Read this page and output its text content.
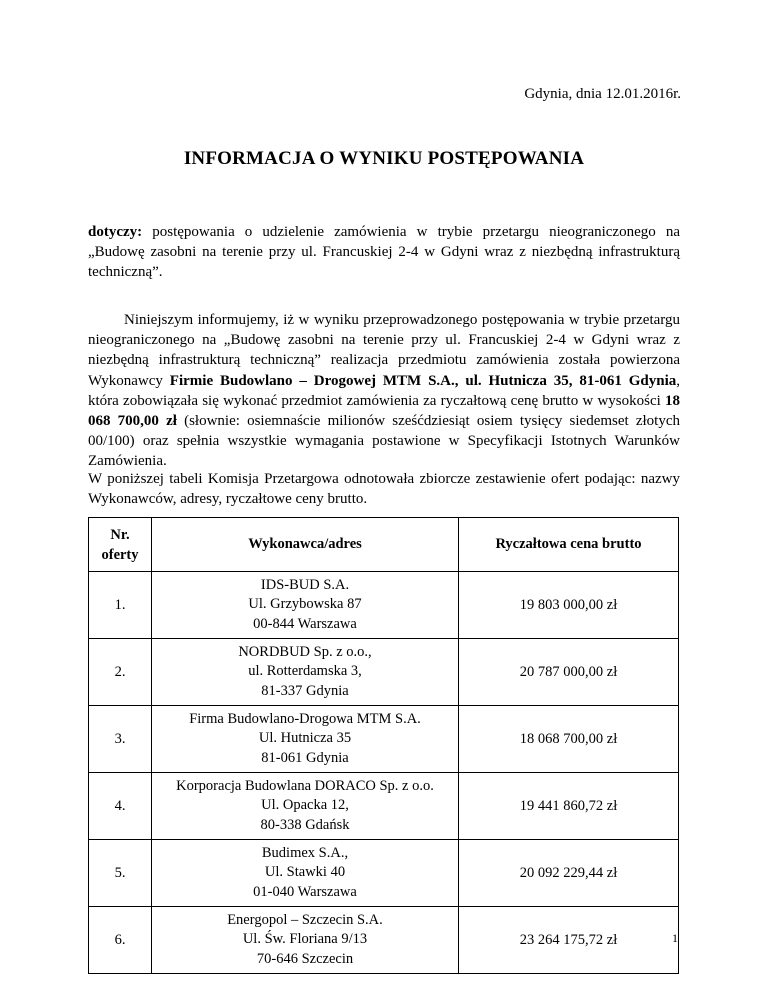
Gdynia, dnia 12.01.2016r.
INFORMACJA O WYNIKU POSTĘPOWANIA
dotyczy: postępowania o udzielenie zamówienia w trybie przetargu nieograniczonego na „Budowę zasobni na terenie przy ul. Francuskiej 2-4 w Gdyni wraz z niezbędną infrastrukturą techniczną”.
Niniejszym informujemy, iż w wyniku przeprowadzonego postępowania w trybie przetargu nieograniczonego na „Budowę zasobni na terenie przy ul. Francuskiej 2-4 w Gdyni wraz z niezbędną infrastrukturą techniczną” realizacja przedmiotu zamówienia została powierzona Wykonawcy Firmie Budowlano – Drogowej MTM S.A., ul. Hutnicza 35, 81-061 Gdynia, która zobowiązała się wykonać przedmiot zamówienia za ryczałtową cenę brutto w wysokości 18 068 700,00 zł (słownie: osiemnaście milionów sześćdziesiąt osiem tysięcy siedemset złotych 00/100) oraz spełnia wszystkie wymagania postawione w Specyfikacji Istotnych Warunków Zamówienia.
W poniższej tabeli Komisja Przetargowa odnotowała zbiorcze zestawienie ofert podając: nazwy Wykonawców, adresy, ryczałtowe ceny brutto.
Nr.
oferty	Wykonawca/adres	Ryczałtowa cena brutto
1.	IDS-BUD S.A.
Ul. Grzybowska 87
00-844 Warszawa	19 803 000,00 zł
2.	NORDBUD Sp. z o.o.,
ul. Rotterdamska 3,
81-337 Gdynia	20 787 000,00 zł
3.	Firma Budowlano-Drogowa MTM S.A.
Ul. Hutnicza 35
81-061 Gdynia	18 068 700,00 zł
4.	Korporacja Budowlana DORACO Sp. z o.o.
Ul. Opacka 12,
80-338 Gdańsk	19 441 860,72 zł
5.	Budimex S.A.,
Ul. Stawki 40
01-040 Warszawa	20 092 229,44 zł
6.	Energopol – Szczecin S.A.
Ul. Św. Floriana 9/13
70-646 Szczecin	23 264 175,72 zł	1
